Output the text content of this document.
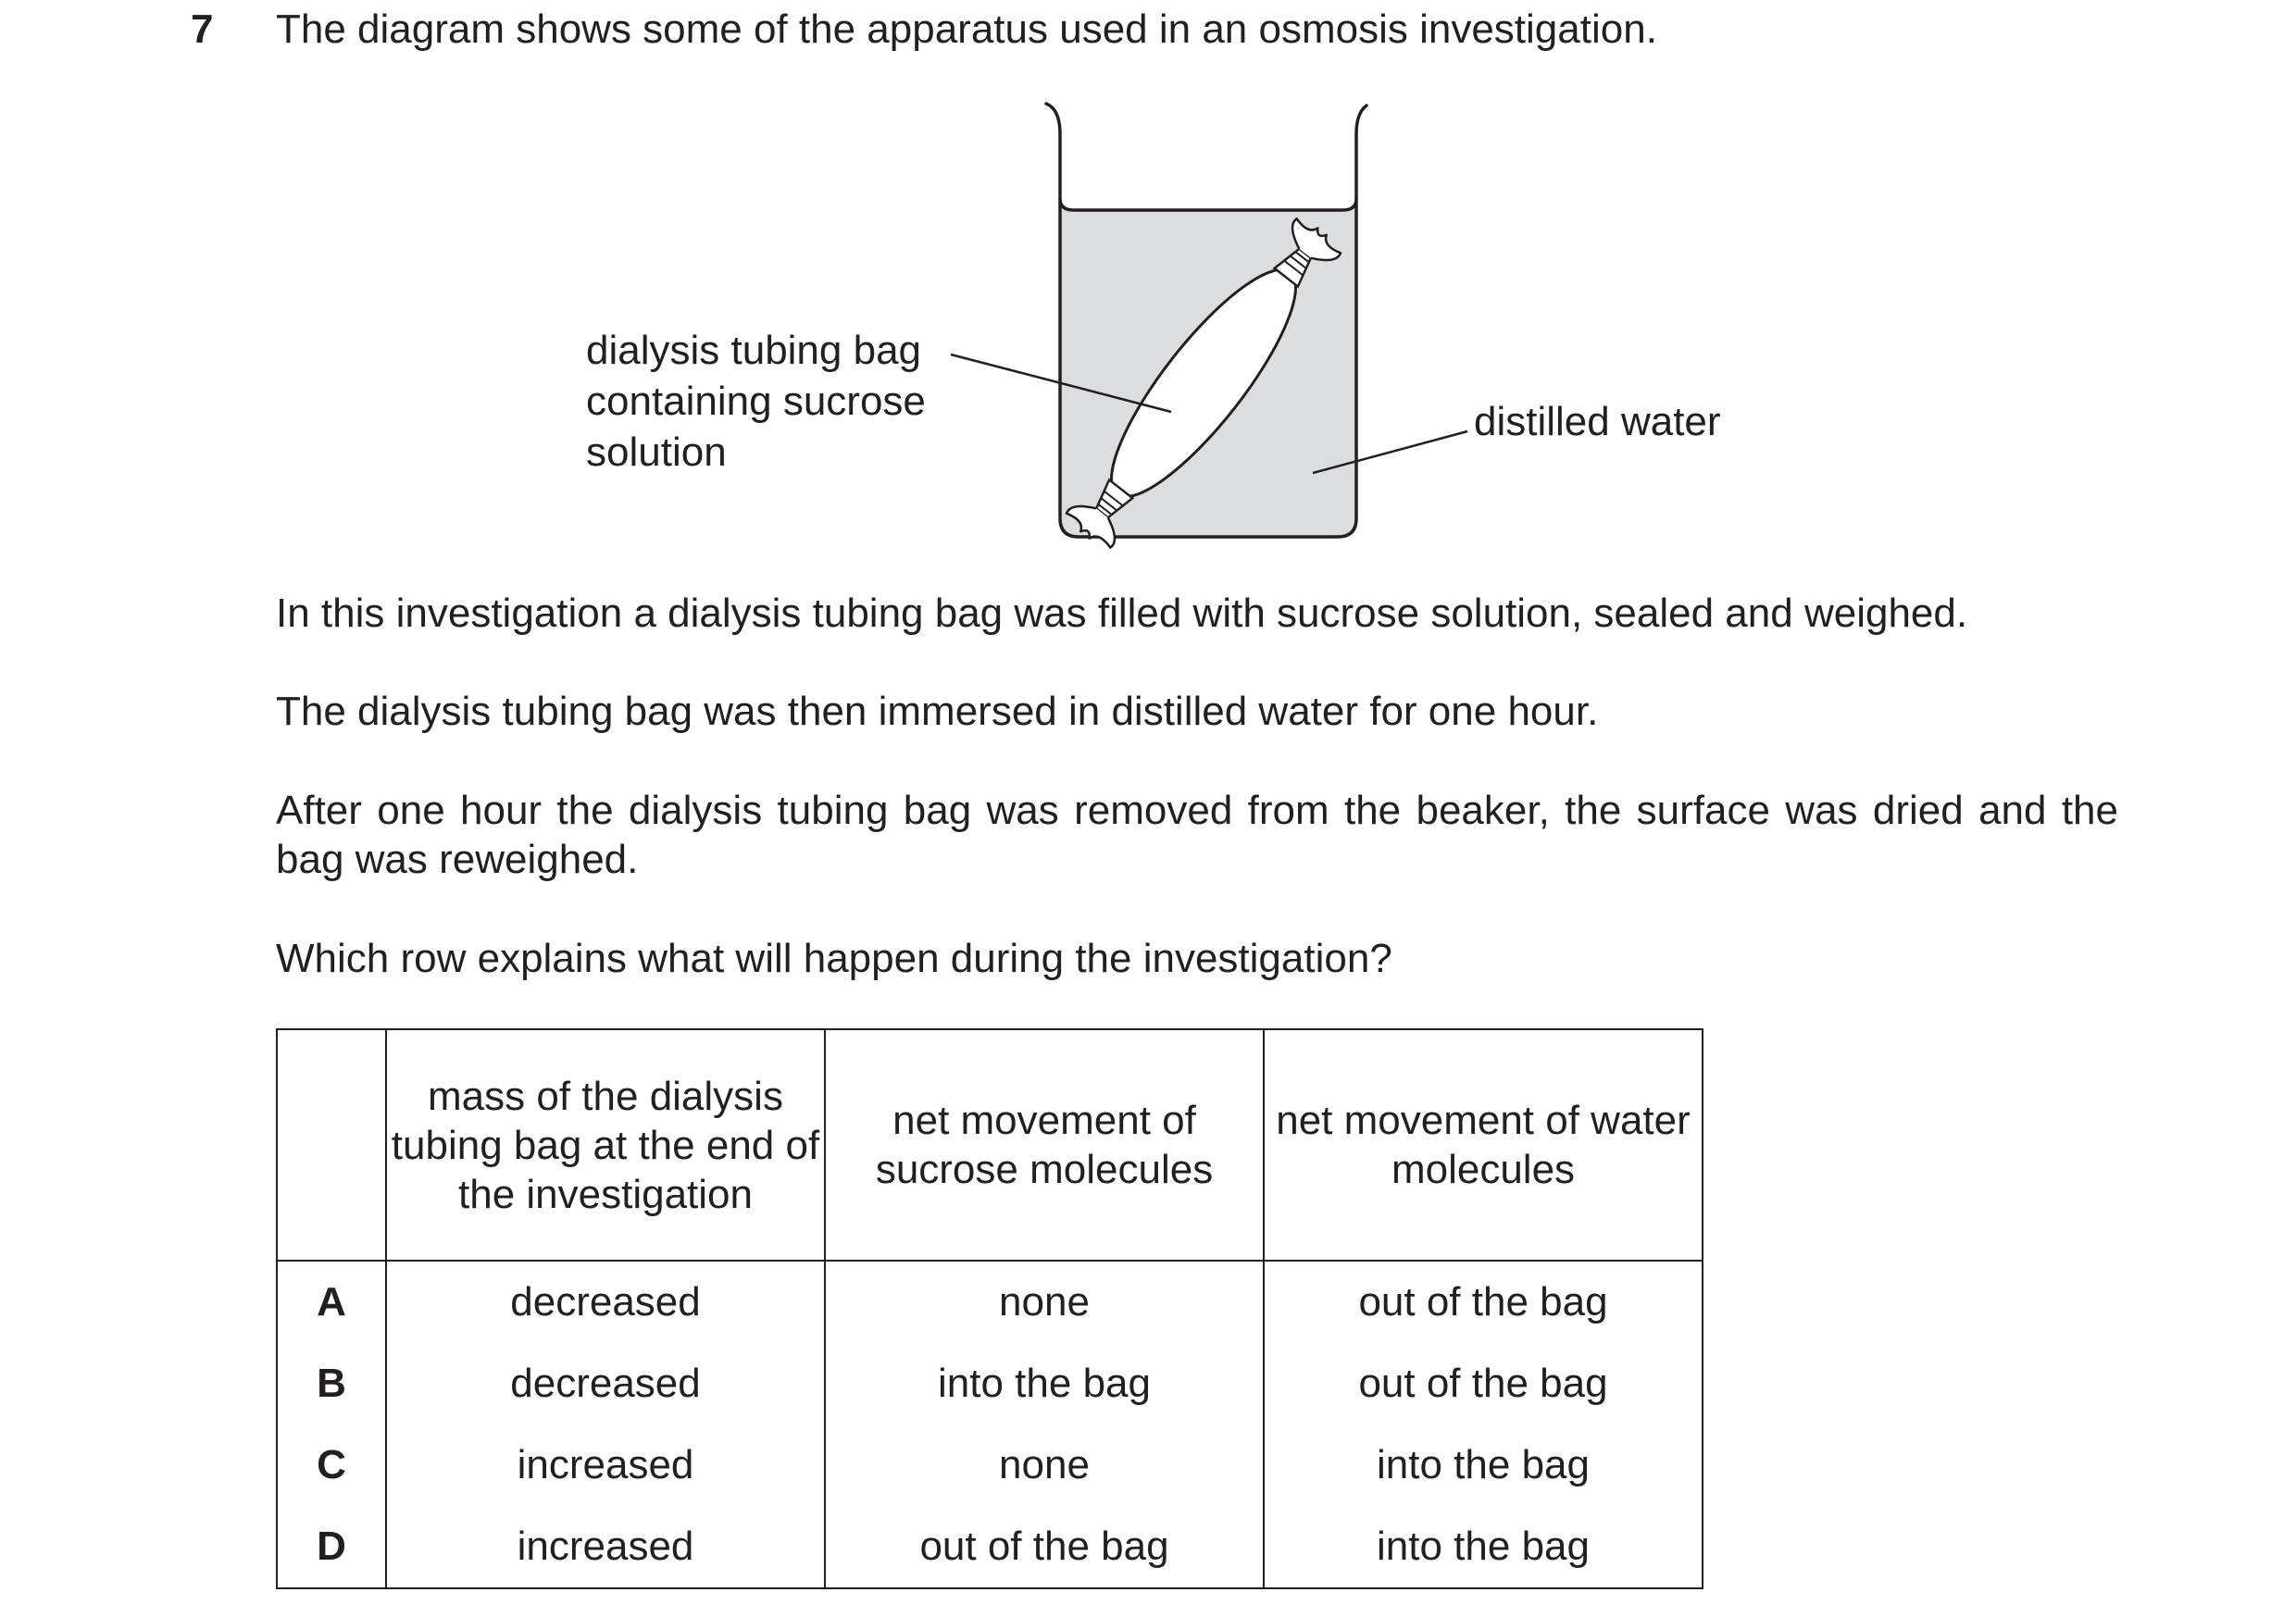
7 The diagram shows some of the apparatus used in an osmosis investigation.
dialysis tubing bag
containing sucrose
solution
distilled water
In this investigation a dialysis tubing bag was filled with sucrose solution, sealed and weighed.
The dialysis tubing bag was then immersed in distilled water for one hour.
After one hour the dialysis tubing bag was removed from the beaker, the surface was dried and the bag was reweighed.
Which row explains what will happen during the investigation?
	mass of the dialysis tubing bag at the end of the investigation	net movement of sucrose molecules	net movement of water molecules
A	decreased	none	out of the bag
B	decreased	into the bag	out of the bag
C	increased	none	into the bag
D	increased	out of the bag	into the bag
